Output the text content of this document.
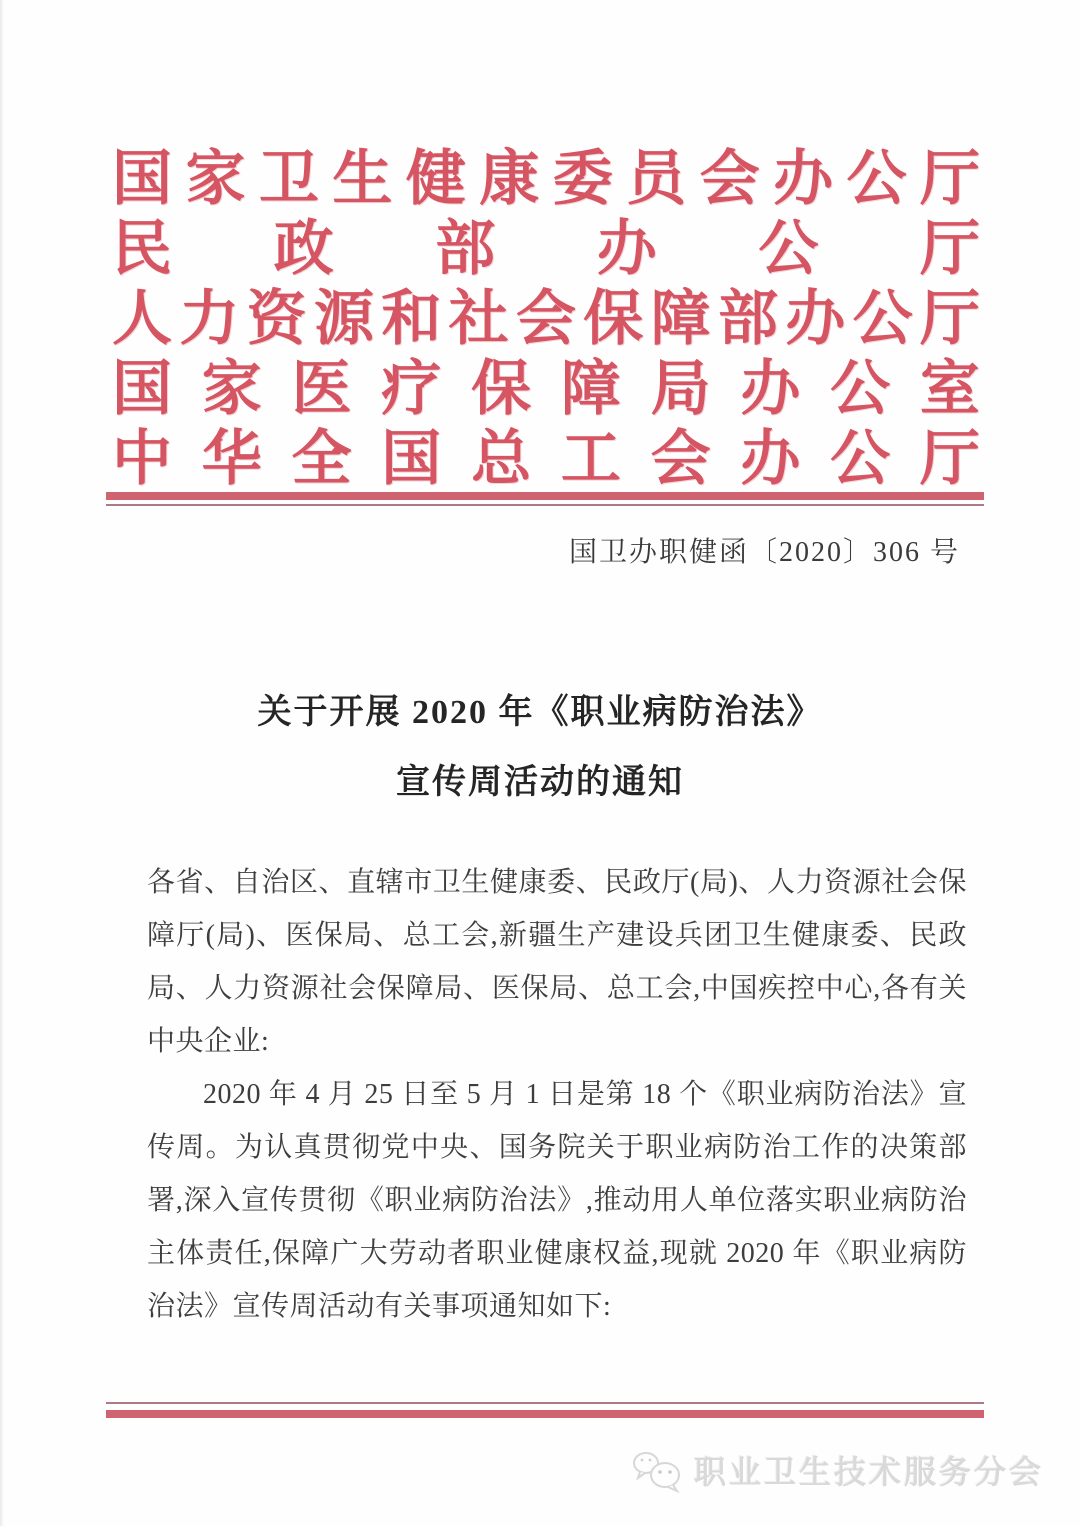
国 家 卫 生 健 康 委 员 会 办 公 厅
民 政 部 办 公 厅
人 力 资 源 和 社 会 保 障 部 办 公 厅
国 家 医 疗 保 障 局 办 公 室
中 华 全 国 总 工 会 办 公 厅
国卫办职健函〔2020〕306 号
关于开展 2020 年《职业病防治法》
宣传周活动的通知

各省、自治区、直辖市卫生健康委、民政厅(局)、人力资源社会保障厅(局)、医保局、总工会,新疆生产建设兵团卫生健康委、民政局、人力资源社会保障局、医保局、总工会,中国疾控中心,各有关中央企业:

2020 年 4 月 25 日至 5 月 1 日是第 18 个《职业病防治法》宣传周。为认真贯彻党中央、国务院关于职业病防治工作的决策部署,深入宣传贯彻《职业病防治法》,推动用人单位落实职业病防治主体责任,保障广大劳动者职业健康权益,现就 2020 年《职业病防治法》宣传周活动有关事项通知如下:

职业卫生技术服务分会
